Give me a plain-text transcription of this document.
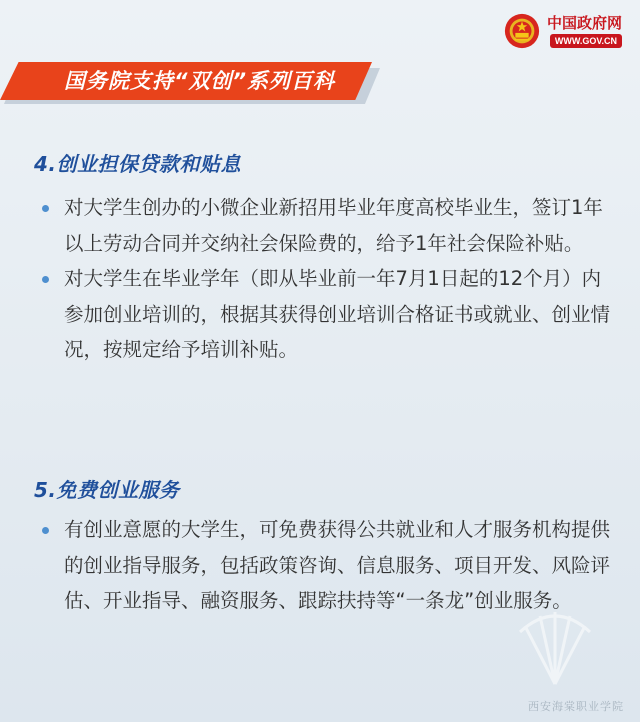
中国政府网
WWW.GOV.CN
国务院支持“双创”系列百科
4.创业担保贷款和贴息
对大学生创办的小微企业新招用毕业年度高校毕业生，签订1年以上劳动合同并交纳社会保险费的，给予1年社会保险补贴。
对大学生在毕业学年（即从毕业前一年7月1日起的12个月）内参加创业培训的，根据其获得创业培训合格证书或就业、创业情况，按规定给予培训补贴。
5.免费创业服务
有创业意愿的大学生，可免费获得公共就业和人才服务机构提供的创业指导服务，包括政策咨询、信息服务、项目开发、风险评估、开业指导、融资服务、跟踪扶持等“一条龙”创业服务。
西安海棠职业学院
